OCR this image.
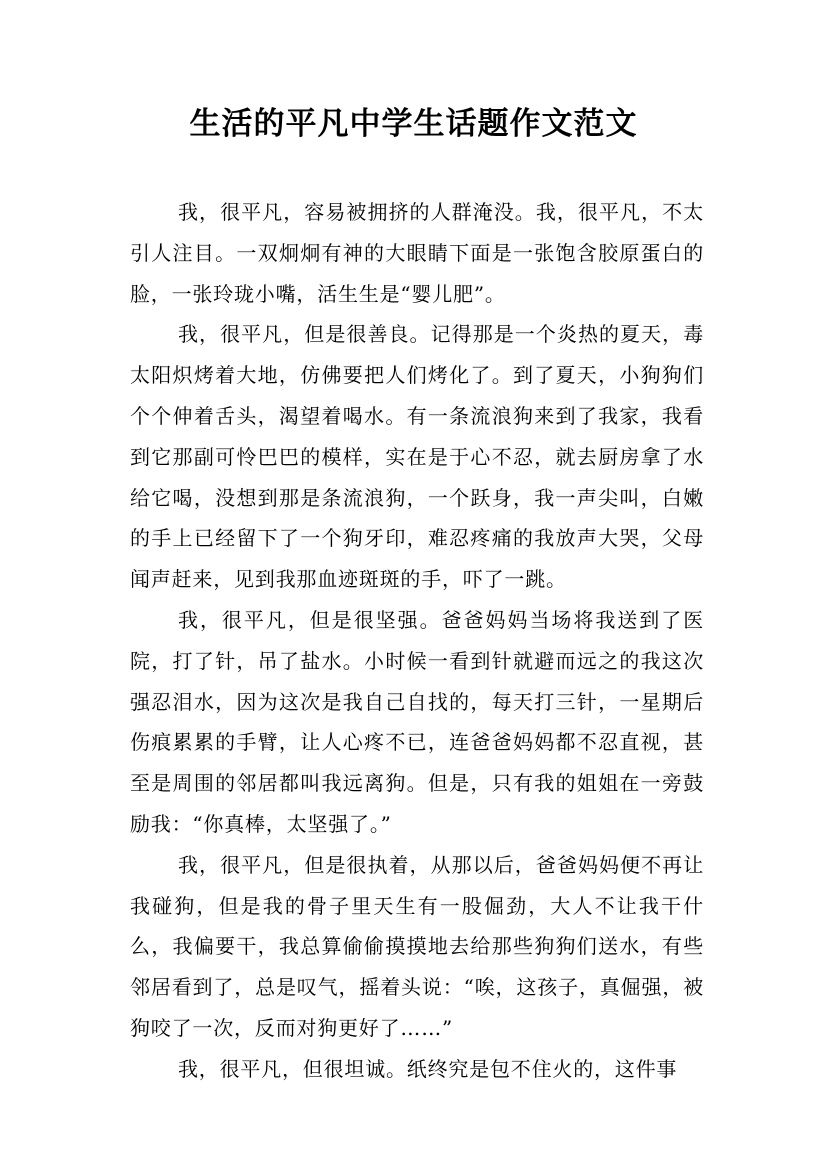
生活的平凡中学生话题作文范文

我，很平凡，容易被拥挤的人群淹没。我，很平凡，不太引人注目。一双炯炯有神的大眼睛下面是一张饱含胶原蛋白的脸，一张玲珑小嘴，活生生是“婴儿肥”。

我，很平凡，但是很善良。记得那是一个炎热的夏天，毒太阳炽烤着大地，仿佛要把人们烤化了。到了夏天，小狗狗们个个伸着舌头，渴望着喝水。有一条流浪狗来到了我家，我看到它那副可怜巴巴的模样，实在是于心不忍，就去厨房拿了水给它喝，没想到那是条流浪狗，一个跃身，我一声尖叫，白嫩的手上已经留下了一个狗牙印，难忍疼痛的我放声大哭，父母闻声赶来，见到我那血迹斑斑的手，吓了一跳。

我，很平凡，但是很坚强。爸爸妈妈当场将我送到了医院，打了针，吊了盐水。小时候一看到针就避而远之的我这次强忍泪水，因为这次是我自己自找的，每天打三针，一星期后伤痕累累的手臂，让人心疼不已，连爸爸妈妈都不忍直视，甚至是周围的邻居都叫我远离狗。但是，只有我的姐姐在一旁鼓励我：“你真棒，太坚强了。”

我，很平凡，但是很执着，从那以后，爸爸妈妈便不再让我碰狗，但是我的骨子里天生有一股倔劲，大人不让我干什么，我偏要干，我总算偷偷摸摸地去给那些狗狗们送水，有些邻居看到了，总是叹气，摇着头说：“唉，这孩子，真倔强，被狗咬了一次，反而对狗更好了……”

我，很平凡，但很坦诚。纸终究是包不住火的，这件事
